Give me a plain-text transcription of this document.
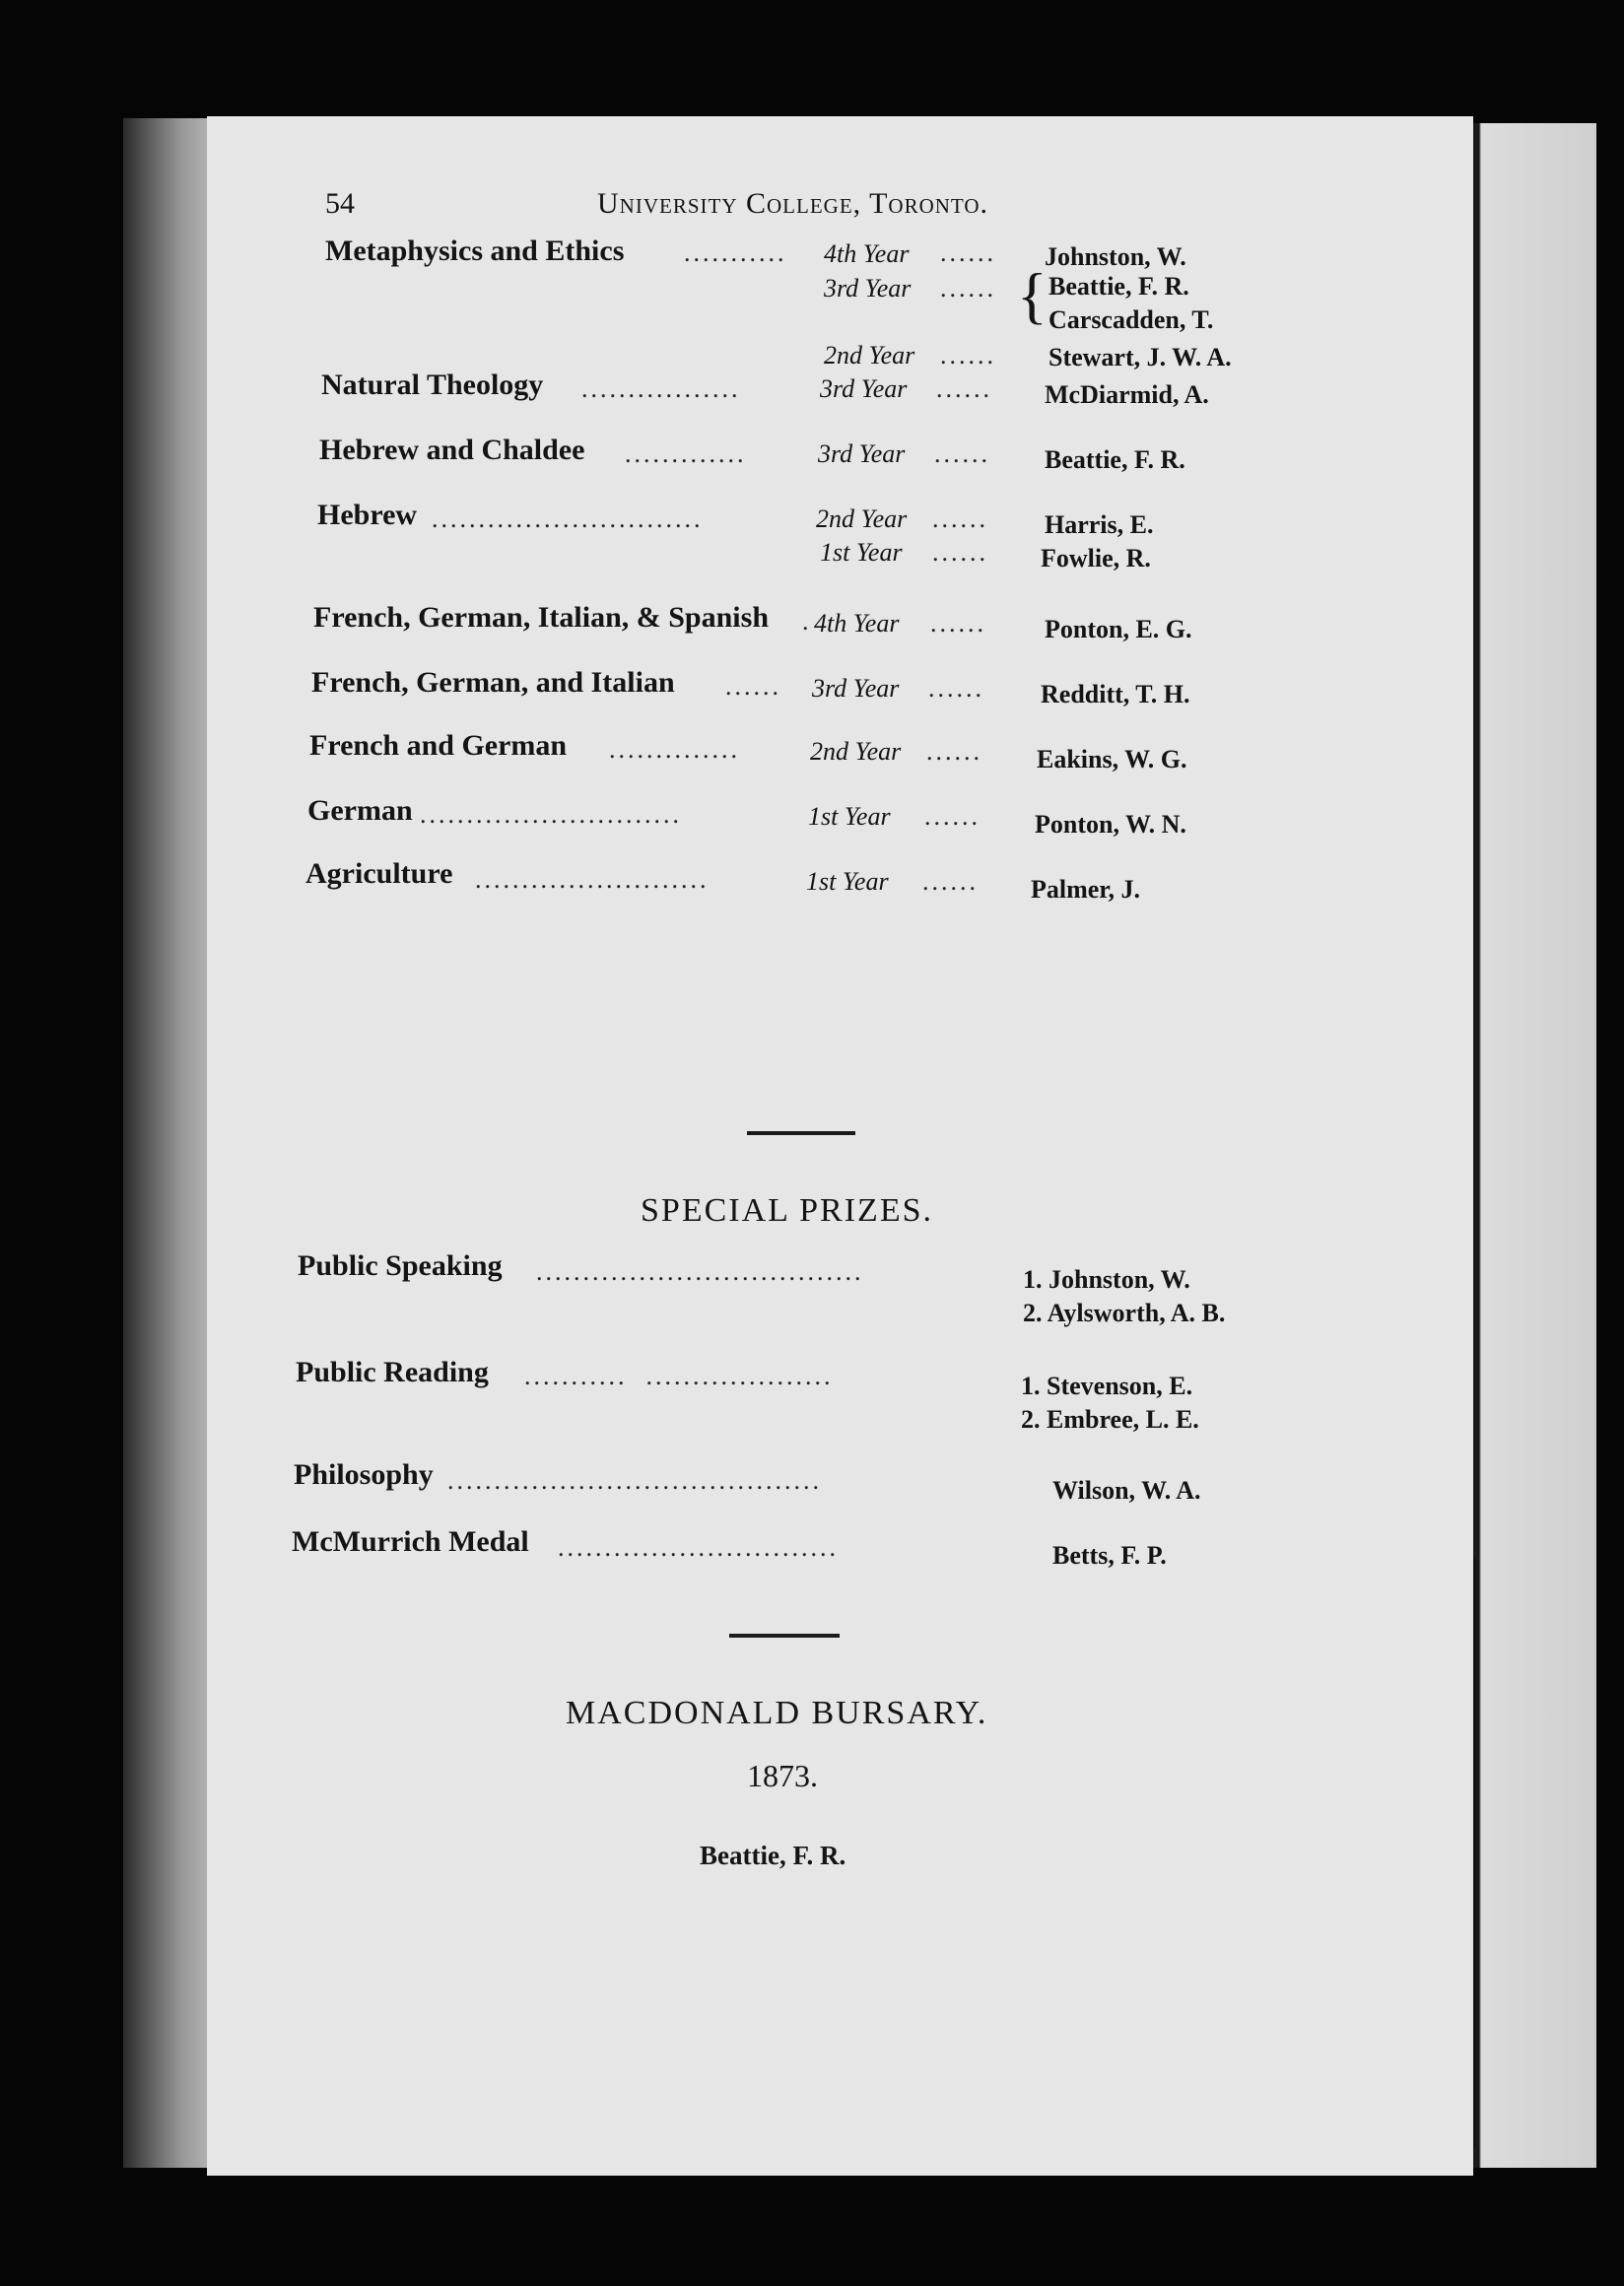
54	University College, Toronto.
Metaphysics and Ethics ........... 4th Year ...... Johnston, W.
3rd Year ...... { Beattie, F. R.
Carscadden, T.
2nd Year ...... Stewart, J. W. A.
Natural Theology .................	3rd Year ...... McDiarmid, A.
Hebrew and Chaldee .............	3rd Year ...... Beattie, F. R.
Hebrew .............................	2nd Year ...... Harris, E.
1st Year ...... Fowlie, R.
French, German, Italian, & Spanish . 4th Year ...... Ponton, E. G.
French, German, and Italian ...... 3rd Year ...... Redditt, T. H.
French and German ..............	2nd Year ...... Eakins, W. G.
German ............................	1st Year ...... Ponton, W. N.
Agriculture .........................	1st Year ...... Palmer, J.
SPECIAL PRIZES.
Public Speaking ...................................	1. Johnston, W.
2. Aylsworth, A. B.
Public Reading ...........  ....................	1. Stevenson, E.
2. Embree, L. E.
Philosophy ........................................	Wilson, W. A.
McMurrich Medal ..............................	Betts, F. P.
MACDONALD BURSARY.
1873.
Beattie, F. R.
